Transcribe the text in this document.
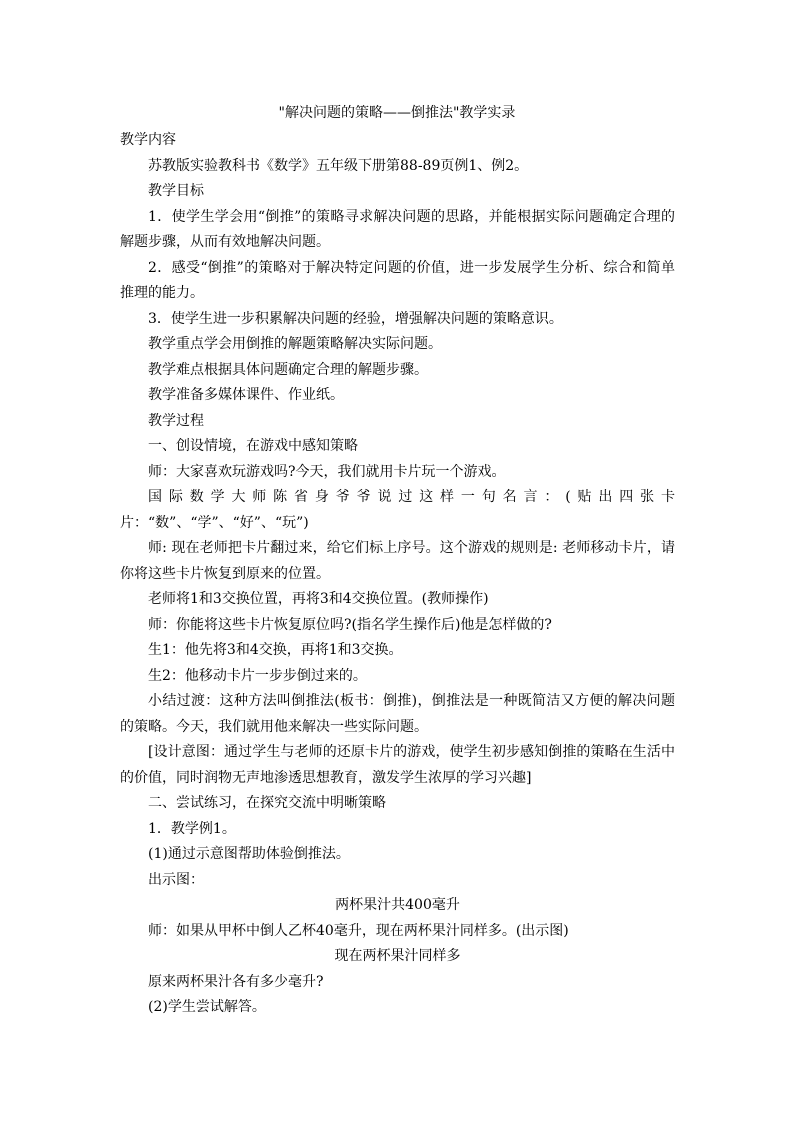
"解决问题的策略——倒推法"教学实录

教学内容

苏教版实验教科书《数学》五年级下册第88-89页例1、例2。

教学目标

1．使学生学会用“倒推”的策略寻求解决问题的思路，并能根据实际问题确定合理的解题步骤，从而有效地解决问题。

2．感受“倒推”的策略对于解决特定问题的价值，进一步发展学生分析、综合和简单推理的能力。

3．使学生进一步积累解决问题的经验，增强解决问题的策略意识。

教学重点学会用倒推的解题策略解决实际问题。

教学难点根据具体问题确定合理的解题步骤。

教学准备多媒体课件、作业纸。

教学过程

一、创设情境，在游戏中感知策略

师：大家喜欢玩游戏吗?今天，我们就用卡片玩一个游戏。

国际数学大师陈省身爷爷说过这样一句名言：(贴出四张卡片：“数”、“学”、“好”、“玩”)

师: 现在老师把卡片翻过来，给它们标上序号。这个游戏的规则是: 老师移动卡片，请你将这些卡片恢复到原来的位置。

老师将1和3交换位置，再将3和4交换位置。(教师操作)

师：你能将这些卡片恢复原位吗?(指名学生操作后)他是怎样做的?

生1：他先将3和4交换，再将1和3交换。

生2：他移动卡片一步步倒过来的。

小结过渡：这种方法叫倒推法(板书：倒推)，倒推法是一种既简洁又方便的解决问题的策略。今天，我们就用他来解决一些实际问题。

[设计意图：通过学生与老师的还原卡片的游戏，使学生初步感知倒推的策略在生活中的价值，同时润物无声地渗透思想教育，激发学生浓厚的学习兴趣]

二、尝试练习，在探究交流中明晰策略

1．教学例1。

(1)通过示意图帮助体验倒推法。

出示图：

两杯果汁共400毫升

师：如果从甲杯中倒人乙杯40毫升，现在两杯果汁同样多。(出示图)

现在两杯果汁同样多

原来两杯果汁各有多少毫升?

(2)学生尝试解答。
